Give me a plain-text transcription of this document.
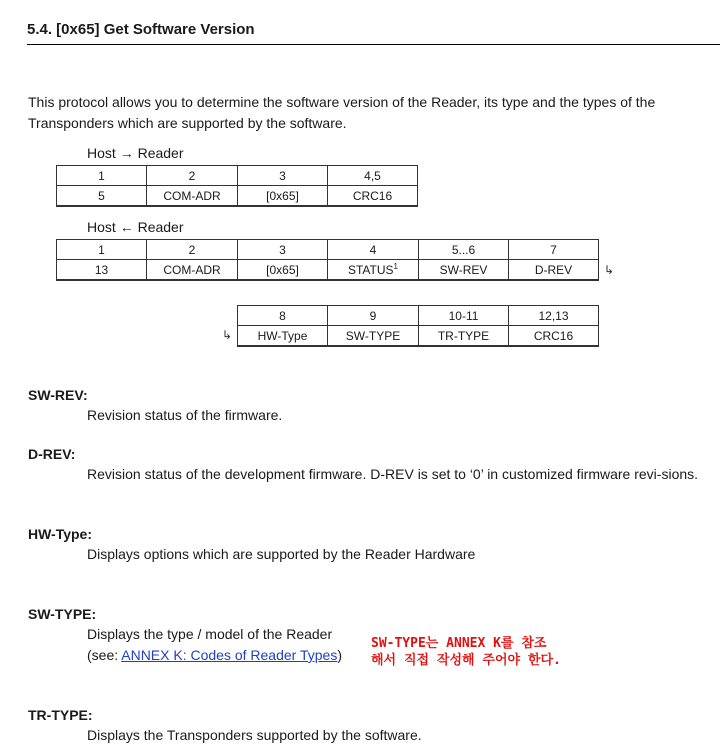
5.4. [0x65] Get Software Version
This protocol allows you to determine the software version of the Reader, its type and the types of the Transponders which are supported by the software.
Host → Reader
1	2	3	4,5
5	COM-ADR	[0x65]	CRC16
Host ← Reader
1	2	3	4	5...6	7
13	COM-ADR	[0x65]	STATUS$^1$	SW-REV	D-REV	↳
↳
8	9	10-11	12,13
HW-Type	SW-TYPE	TR-TYPE	CRC16
SW-REV:
Revision status of the firmware.
D-REV:
Revision status of the development firmware. D-REV is set to ‘0’ in customized firmware revi-sions.
HW-Type:
Displays options which are supported by the Reader Hardware
SW-TYPE:
Displays the type / model of the Reader
(see: ANNEX K: Codes of Reader Types)
SW-TYPE는 ANNEX K를 참조
해서 직접 작성해 주어야 한다.
TR-TYPE:
Displays the Transponders supported by the software.
